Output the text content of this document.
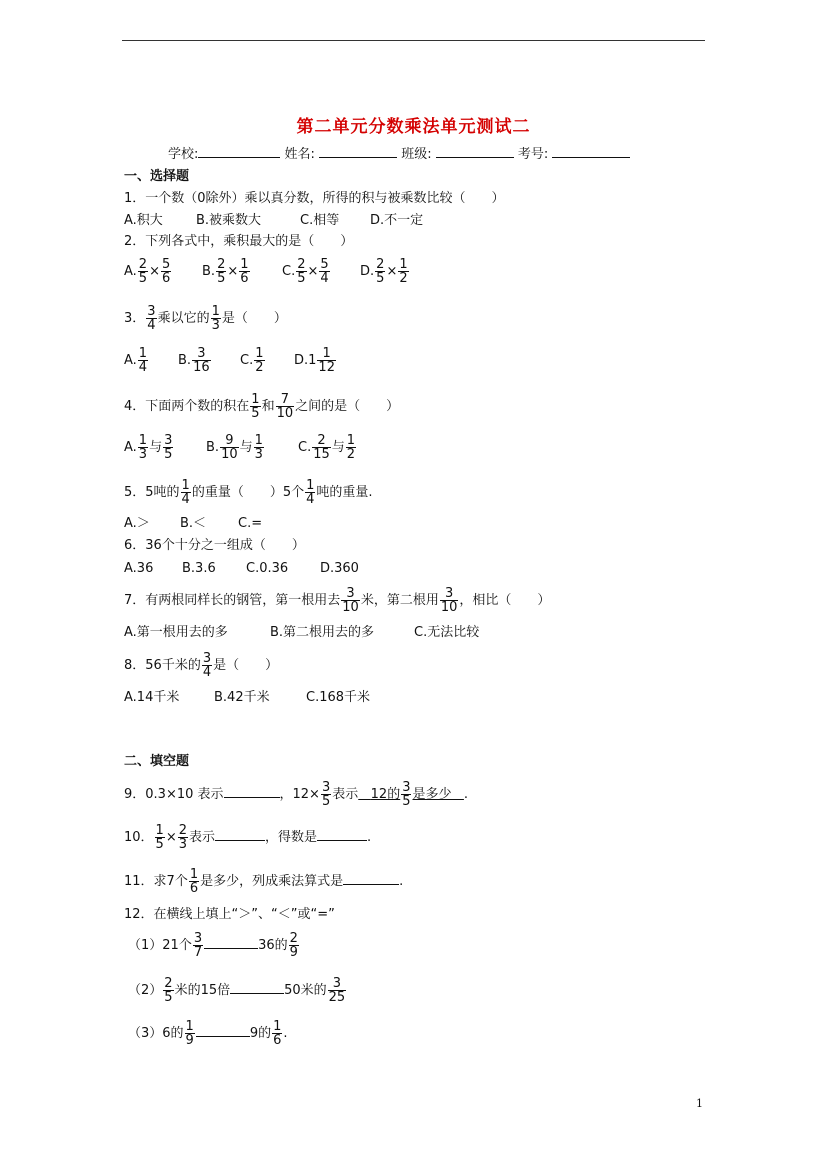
第二单元分数乘法单元测试二
学校:	姓名:	班级:	考号:
一、选择题
1．一个数（0除外）乘以真分数，所得的积与被乘数比较（　　）
A.积大	B.被乘数大	C.相等 D.不一定
2．下列各式中，乘积最大的是（　　）
A. $\frac{2}{5} \times \frac{5}{6} B$. $\frac{2}{5} \times \frac{1}{6} C$. $\frac{2}{5} \times \frac{5}{4} D$. $\frac{2}{5} \times \frac{1}{2}$
3． $\frac{3}{4}$ 乘以它的 $\frac{1}{3}$ 是（　　）
A. $\frac{1}{4} B$. $\frac{3}{16} C$. $\frac{1}{2} D.1 \frac{1}{12}$
4．下面两个数的积在 $\frac{1}{5}$ 和 $\frac{7}{10}$ 之间的是（　　）
A. $\frac{1}{3}$ 与 $\frac{3}{5}$	B. $\frac{9}{10}$ 与 $\frac{1}{3}$	C. $\frac{2}{15}$ 与 $\frac{1}{2}$
5．5吨的 $\frac{1}{4}$ 的重量（　　）5个 $\frac{1}{4}$ 吨的重量.
A.＞ B.＜ C.=
6．36个十分之一组成（　　）
A.36 B.3.6 C.0.36 D.360
7．有两根同样长的钢管，第一根用去 $\frac{3}{10}$ 米，第二根用 $\frac{3}{10}$ ，相比（　　）
A.第一根用去的多	B.第二根用去的多	C.无法比较
8．56千米的 $\frac{3}{4}$ 是（　　）
A.14千米	B.42千米	C.168千米
二、填空题
9．0.3×10 表示	，$12\times \frac{3}{5}$ 表示 12的 $\frac{3}{5}$ 是多少 .
10． $\frac{1}{5} \times \frac{2}{3}$ 表示	，得数是	.
11．求7个 $\frac{1}{6}$ 是多少，列成乘法算式是	.
12．在横线上填上“＞”、“＜”或“=”
（1）21个 $\frac{3}{7}$	36的 $\frac{2}{9}$
$(2) \frac{2}{5}$ 米的15倍	50米的 $\frac{3}{25}$
（3）6的 $\frac{1}{9}$	9的 $\frac{1}{6}$ .
1
